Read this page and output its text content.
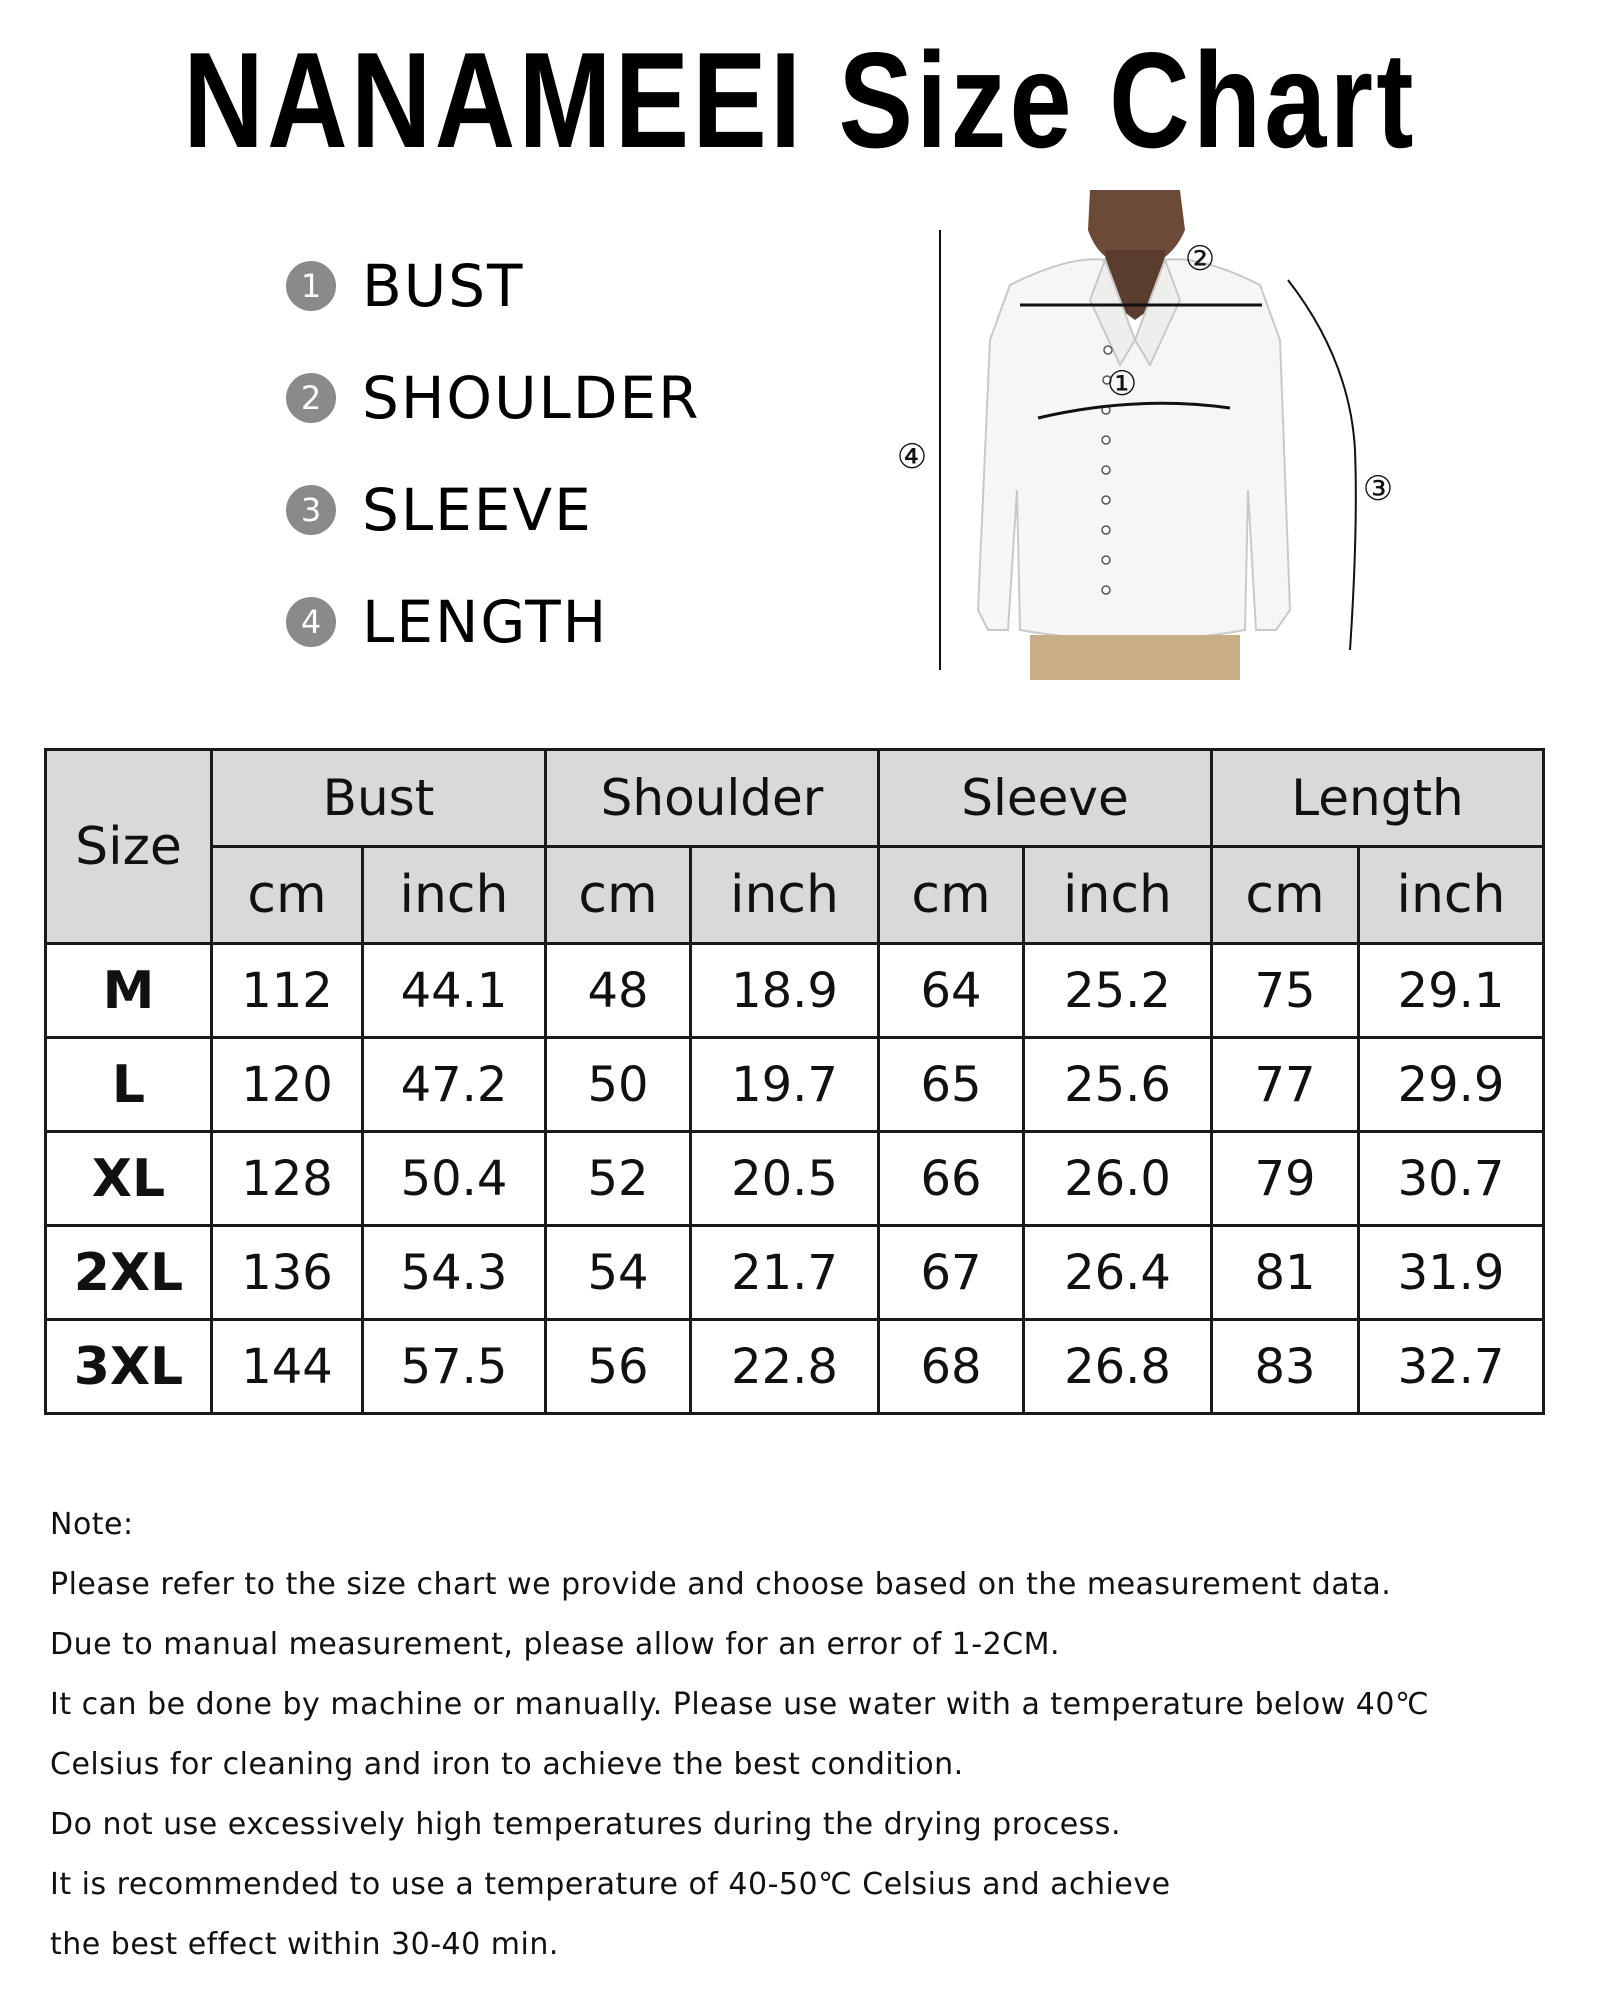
NANAMEEI Size Chart
1 BUST
2 SHOULDER
3 SLEEVE
4 LENGTH
②
①
④
③
Size	Bust		Shoulder		Sleeve		Length	
	cm	inch	cm	inch	cm	inch	cm	inch
M	112	44.1	48	18.9	64	25.2	75	29.1
L	120	47.2	50	19.7	65	25.6	77	29.9
XL	128	50.4	52	20.5	66	26.0	79	30.7
2XL	136	54.3	54	21.7	67	26.4	81	31.9
3XL	144	57.5	56	22.8	68	26.8	83	32.7
Note:
Please refer to the size chart we provide and choose based on the measurement data.
Due to manual measurement, please allow for an error of 1-2CM.
It can be done by machine or manually. Please use water with a temperature below 40℃
Celsius for cleaning and iron to achieve the best condition.
Do not use excessively high temperatures during the drying process.
It is recommended to use a temperature of 40-50℃ Celsius and achieve
the best effect within 30-40 min.
